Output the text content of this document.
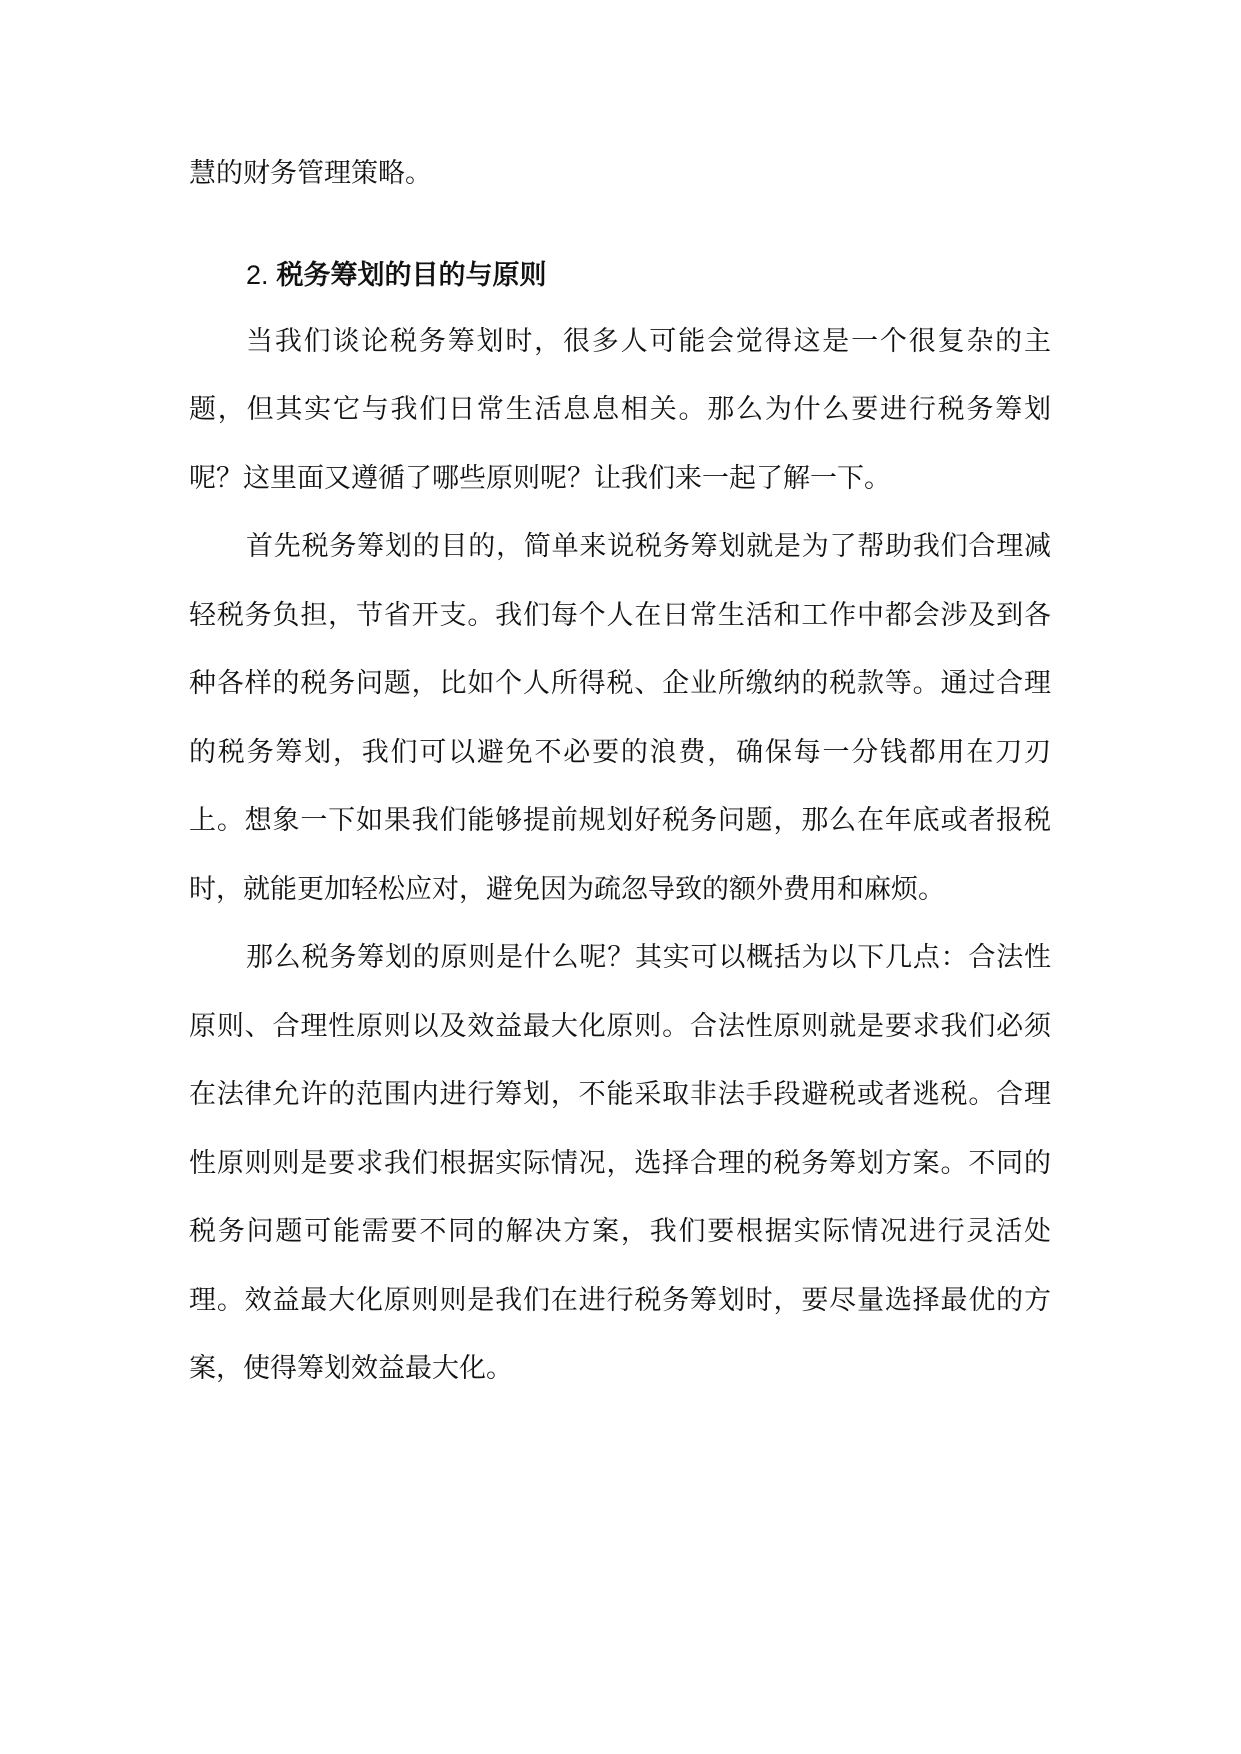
慧的财务管理策略。

2. 税务筹划的目的与原则

当我们谈论税务筹划时，很多人可能会觉得这是一个很复杂的主题，但其实它与我们日常生活息息相关。那么为什么要进行税务筹划呢？这里面又遵循了哪些原则呢？让我们来一起了解一下。

首先税务筹划的目的，简单来说税务筹划就是为了帮助我们合理减轻税务负担，节省开支。我们每个人在日常生活和工作中都会涉及到各种各样的税务问题，比如个人所得税、企业所缴纳的税款等。通过合理的税务筹划，我们可以避免不必要的浪费，确保每一分钱都用在刀刃上。想象一下如果我们能够提前规划好税务问题，那么在年底或者报税时，就能更加轻松应对，避免因为疏忽导致的额外费用和麻烦。

那么税务筹划的原则是什么呢？其实可以概括为以下几点：合法性原则、合理性原则以及效益最大化原则。合法性原则就是要求我们必须在法律允许的范围内进行筹划，不能采取非法手段避税或者逃税。合理性原则则是要求我们根据实际情况，选择合理的税务筹划方案。不同的税务问题可能需要不同的解决方案，我们要根据实际情况进行灵活处理。效益最大化原则则是我们在进行税务筹划时，要尽量选择最优的方案，使得筹划效益最大化。
